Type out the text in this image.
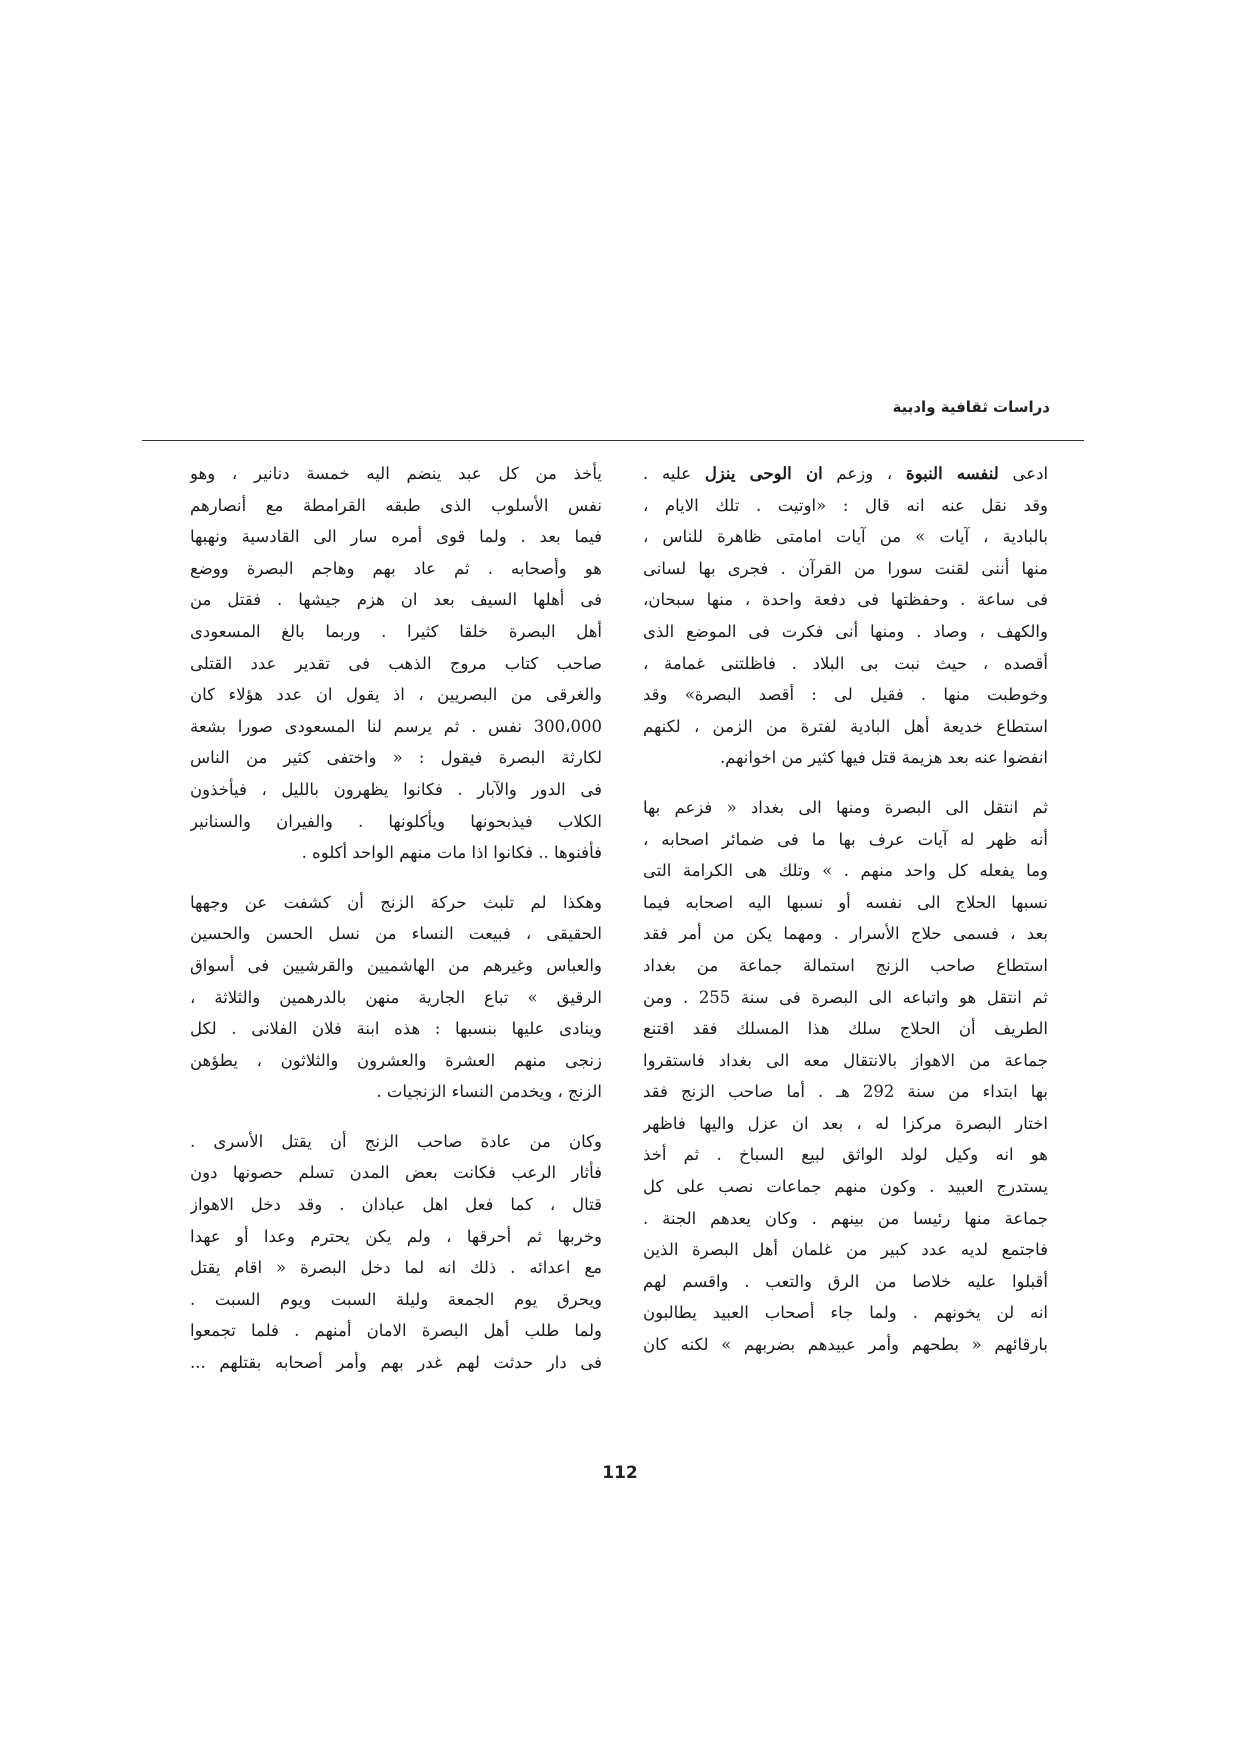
دراسات ثقافية وادبية
ادعى لنفسه النبوة ، وزعم ان الوحى ينزل عليه .
وقد نقل عنه انه قال : «اوتيت . تلك الايام ،
بالبادية ، آيات » من آيات امامتى ظاهرة للناس ،
منها أننى لقنت سورا من القرآن . فجرى بها لسانى
فى ساعة . وحفظتها فى دفعة واحدة ، منها سبحان،
والكهف ، وصاد . ومنها أنى فكرت فى الموضع الذى
أقصده ، حيث نبت بى البلاد . فاظلتنى غمامة ،
وخوطبت منها . فقيل لى : أقصد البصرة» وقد
استطاع خديعة أهل البادية لفترة من الزمن ، لكنهم
انفضوا عنه بعد هزيمة قتل فيها كثير من اخوانهم.
ثم انتقل الى البصرة ومنها الى بغداد « فزعم بها
أنه ظهر له آيات عرف بها ما فى ضمائر اصحابه ،
وما يفعله كل واحد منهم . » وتلك هى الكرامة التى
نسبها الحلاج الى نفسه أو نسبها اليه اصحابه فيما
بعد ، فسمى حلاج الأسرار . ومهما يكن من أمر فقد
استطاع صاحب الزنج استمالة جماعة من بغداد
ثم انتقل هو واتباعه الى البصرة فى سنة 255 . ومن
الطريف أن الحلاج سلك هذا المسلك فقد اقتنع
جماعة من الاهواز بالانتقال معه الى بغداد فاستقروا
بها ابتداء من سنة 292 هـ . أما صاحب الزنج فقد
اختار البصرة مركزا له ، بعد ان عزل واليها فاظهر
هو انه وكيل لولد الواثق لبيع السباخ . ثم أخذ
يستدرج العبيد . وكون منهم جماعات نصب على كل
جماعة منها رئيسا من بينهم . وكان يعدهم الجنة .
فاجتمع لديه عدد كبير من غلمان أهل البصرة الذين
أقبلوا عليه خلاصا من الرق والتعب . واقسم لهم
انه لن يخونهم . ولما جاء أصحاب العبيد يطالبون
بارقائهم « بطحهم وأمر عبيدهم بضربهم » لكنه كان
يأخذ من كل عبد ينضم اليه خمسة دنانير ، وهو
نفس الأسلوب الذى طبقه القرامطة مع أنصارهم
فيما بعد . ولما قوى أمره سار الى القادسية ونهبها
هو وأصحابه . ثم عاد بهم وهاجم البصرة ووضع
فى أهلها السيف بعد ان هزم جيشها . فقتل من
أهل البصرة خلقا كثيرا . وربما بالغ المسعودى
صاحب كتاب مروج الذهب فى تقدير عدد القتلى
والغرقى من البصريين ، اذ يقول ان عدد هؤلاء كان
300،000 نفس . ثم يرسم لنا المسعودى صورا بشعة
لكارثة البصرة فيقول : « واختفى كثير من الناس
فى الدور والآبار . فكانوا يظهرون بالليل ، فيأخذون
الكلاب فيذبحونها ويأكلونها . والفيران والسنانير
فأفنوها .. فكانوا اذا مات منهم الواحد أكلوه .
وهكذا لم تلبث حركة الزنج أن كشفت عن وجهها
الحقيقى ، فبيعت النساء من نسل الحسن والحسين
والعباس وغيرهم من الهاشميين والقرشيين فى أسواق
الرقيق » تباع الجارية منهن بالدرهمين والثلاثة ،
وينادى عليها بنسبها : هذه ابنة فلان الفلانى . لكل
زنجى منهم العشرة والعشرون والثلاثون ، يطؤهن
الزنج ، ويخدمن النساء الزنجيات .
وكان من عادة صاحب الزنج أن يقتل الأسرى .
فأثار الرعب فكانت بعض المدن تسلم حصونها دون
قتال ، كما فعل اهل عبادان . وقد دخل الاهواز
وخربها ثم أحرقها ، ولم يكن يحترم وعدا أو عهدا
مع اعدائه . ذلك انه لما دخل البصرة « اقام يقتل
ويحرق يوم الجمعة وليلة السبت ويوم السبت .
ولما طلب أهل البصرة الامان أمنهم . فلما تجمعوا
فى دار حدثت لهم غدر بهم وأمر أصحابه بقتلهم ...
112
